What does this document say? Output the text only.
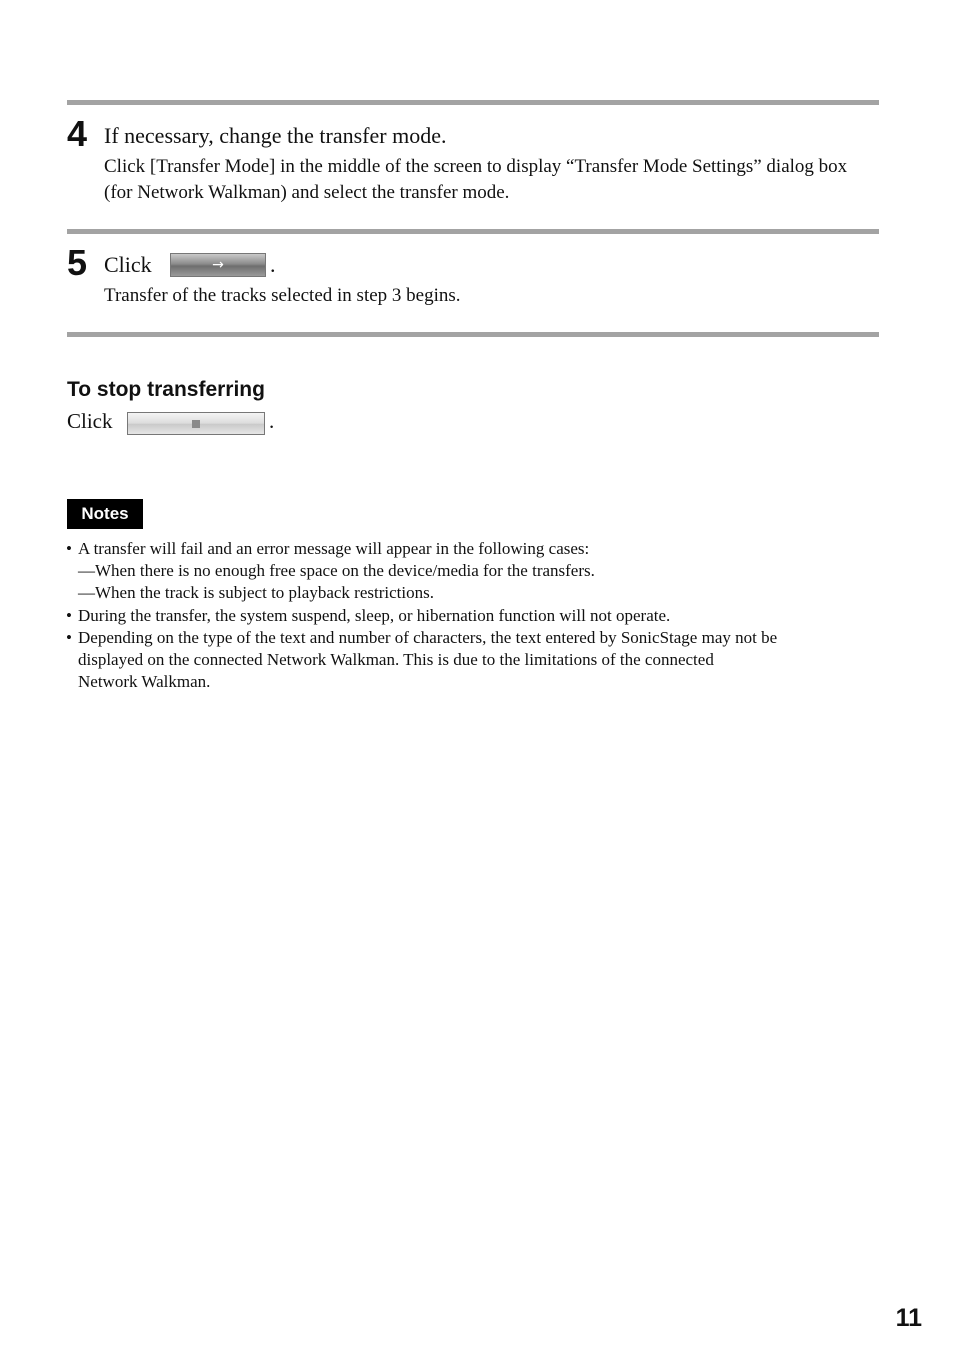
4 If necessary, change the transfer mode.
Click [Transfer Mode] in the middle of the screen to display “Transfer Mode Settings” dialog box (for Network Walkman) and select the transfer mode.
5 Click	→ .
Transfer of the tracks selected in step 3 begins.
To stop transferring
Click	.
Notes
• A transfer will fail and an error message will appear in the following cases:
—When there is no enough free space on the device/media for the transfers.
—When the track is subject to playback restrictions.
• During the transfer, the system suspend, sleep, or hibernation function will not operate.
• Depending on the type of the text and number of characters, the text entered by SonicStage may not be
displayed on the connected Network Walkman. This is due to the limitations of the connected
Network Walkman.
11
